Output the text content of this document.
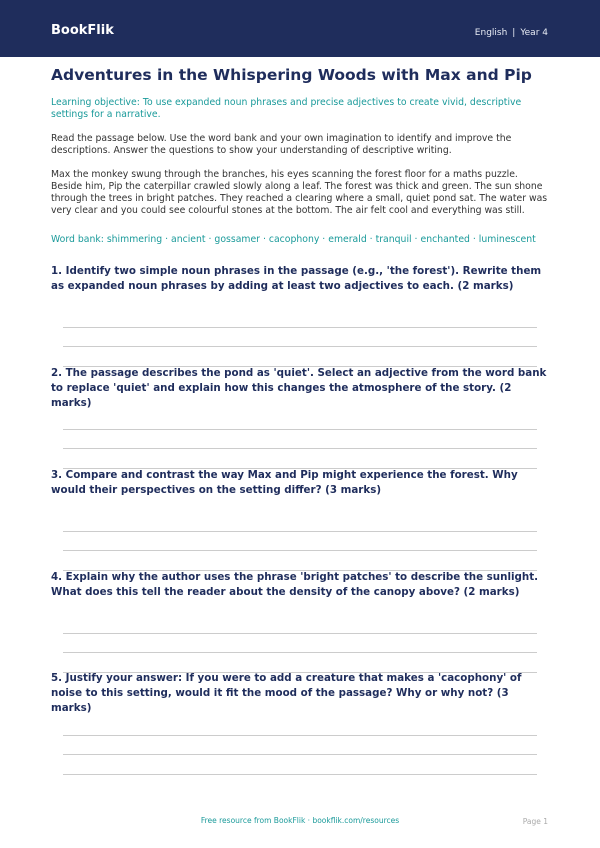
BookFlik	English | Year 4
Adventures in the Whispering Woods with Max and Pip
Learning objective: To use expanded noun phrases and precise adjectives to create vivid, descriptive settings for a narrative.
Read the passage below. Use the word bank and your own imagination to identify and improve the descriptions. Answer the questions to show your understanding of descriptive writing.
Max the monkey swung through the branches, his eyes scanning the forest floor for a maths puzzle. Beside him, Pip the caterpillar crawled slowly along a leaf. The forest was thick and green. The sun shone through the trees in bright patches. They reached a clearing where a small, quiet pond sat. The water was very clear and you could see colourful stones at the bottom. The air felt cool and everything was still.
Word bank: shimmering · ancient · gossamer · cacophony · emerald · tranquil · enchanted · luminescent
1. Identify two simple noun phrases in the passage (e.g., 'the forest'). Rewrite them as expanded noun phrases by adding at least two adjectives to each. (2 marks)
2. The passage describes the pond as 'quiet'. Select an adjective from the word bank to replace 'quiet' and explain how this changes the atmosphere of the story. (2 marks)
3. Compare and contrast the way Max and Pip might experience the forest. Why would their perspectives on the setting differ? (3 marks)
4. Explain why the author uses the phrase 'bright patches' to describe the sunlight. What does this tell the reader about the density of the canopy above? (2 marks)
5. Justify your answer: If you were to add a creature that makes a 'cacophony' of noise to this setting, would it fit the mood of the passage? Why or why not? (3 marks)
Free resource from BookFlik · bookflik.com/resources	Page 1
